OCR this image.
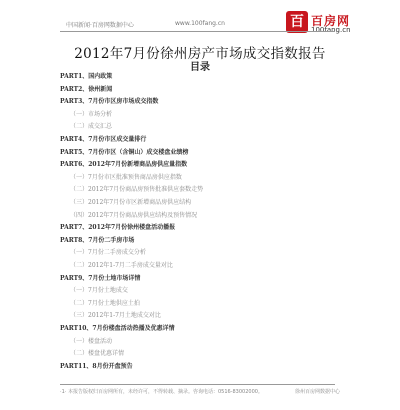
中国新闻·百房网数据中心	www.100fang.cn	百 百房网
100fang.cn
2012年7月份徐州房产市场成交指数报告
目录
PART1、国内政策
PART2、徐州新闻
PART3、7月份市区房市场成交指数
（一）市场分析
（二）成交汇总
PART4、7月份市区成交量排行
PART5、7月份市区（含铜山）成交楼盘业绩榜
PART6、2012年7月份新增商品房供应量指数
（一）7月份市区批准预售商品房供应指数
（二）2012年7月份商品房预售批准供应套数走势
（三）2012年7月份市区新增商品房供应结构
（四）2012年7月份商品房供应结构及预售情况
PART7、2012年7月份徐州楼盘活动播报
PART8、7月份二手房市场
（一）7月份二手房成交分析
（二）2012年1-7月二手房成交量对比
PART9、7月份土地市场详情
（一）7月份土地成交
（二）7月份土地供应土拍
（三）2012年1-7月土地成交对比
PART10、7月份楼盘活动热播及优惠详情
（一）楼盘活动
（二）楼盘优惠详情
PART11、8月份开盘预告
·1· 本报告版权归百房网所有，未经许可，不得转载、摘录。咨询电话：0516-83002000。	徐州百房网数据中心
